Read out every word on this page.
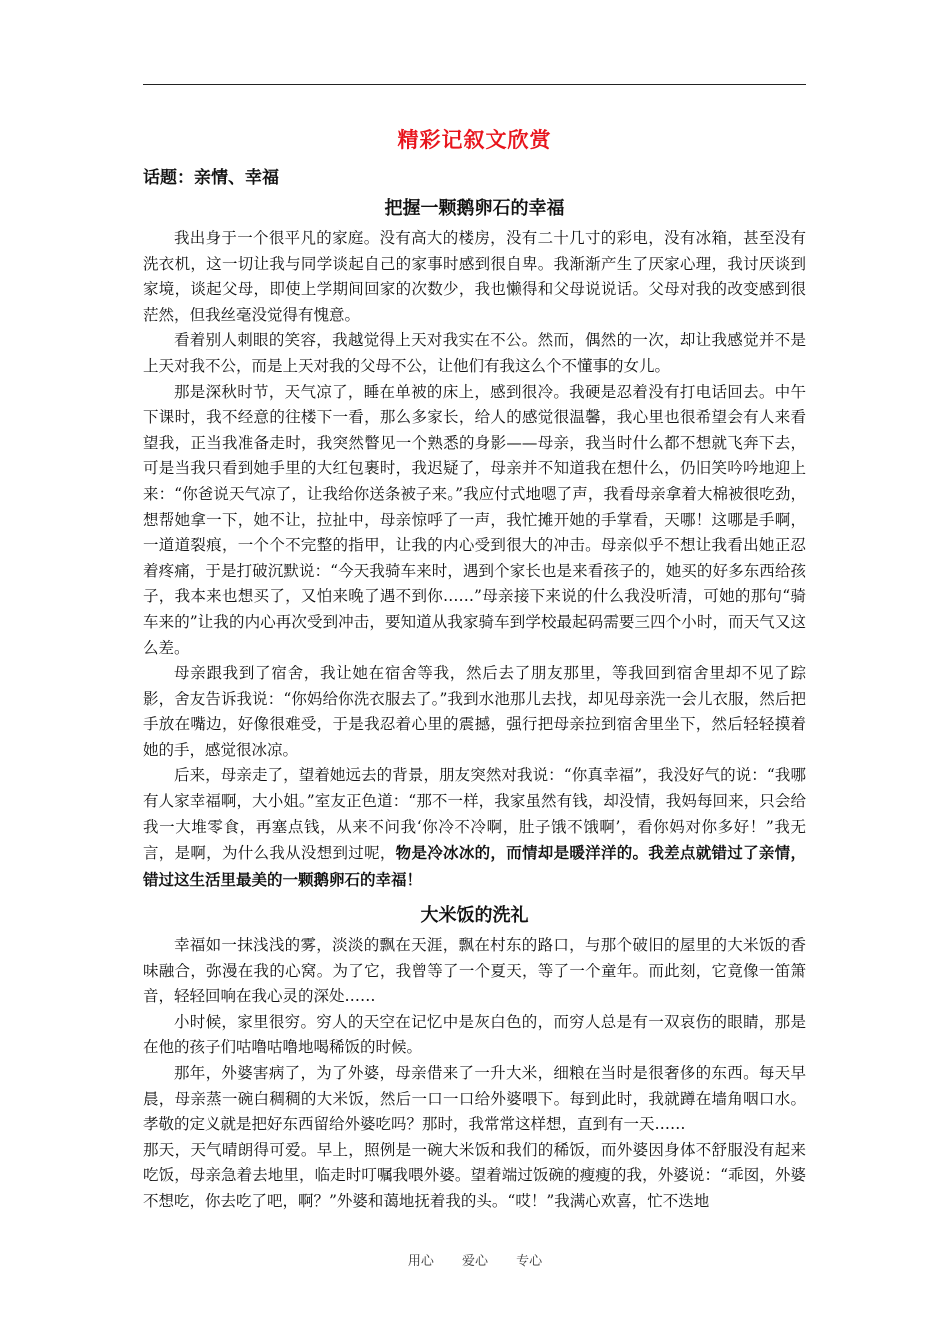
精彩记叙文欣赏
话题：亲情、幸福
把握一颗鹅卵石的幸福

我出身于一个很平凡的家庭。没有高大的楼房，没有二十几寸的彩电，没有冰箱，甚至没有洗衣机，这一切让我与同学谈起自己的家事时感到很自卑。我渐渐产生了厌家心理，我讨厌谈到家境，谈起父母，即使上学期间回家的次数少，我也懒得和父母说说话。父母对我的改变感到很茫然，但我丝毫没觉得有愧意。

看着别人刺眼的笑容，我越觉得上天对我实在不公。然而，偶然的一次，却让我感觉并不是上天对我不公，而是上天对我的父母不公，让他们有我这么个不懂事的女儿。

那是深秋时节，天气凉了，睡在单被的床上，感到很冷。我硬是忍着没有打电话回去。中午下课时，我不经意的往楼下一看，那么多家长，给人的感觉很温馨，我心里也很希望会有人来看望我，正当我准备走时，我突然瞥见一个熟悉的身影——母亲，我当时什么都不想就飞奔下去，可是当我只看到她手里的大红包裹时，我迟疑了，母亲并不知道我在想什么，仍旧笑吟吟地迎上来：“你爸说天气凉了，让我给你送条被子来。”我应付式地嗯了声，我看母亲拿着大棉被很吃劲，想帮她拿一下，她不让，拉扯中，母亲惊呼了一声，我忙摊开她的手掌看，天哪！这哪是手啊，一道道裂痕，一个个不完整的指甲，让我的内心受到很大的冲击。母亲似乎不想让我看出她正忍着疼痛，于是打破沉默说：“今天我骑车来时，遇到个家长也是来看孩子的，她买的好多东西给孩子，我本来也想买了，又怕来晚了遇不到你……”母亲接下来说的什么我没听清，可她的那句“骑车来的”让我的内心再次受到冲击，要知道从我家骑车到学校最起码需要三四个小时，而天气又这么差。

母亲跟我到了宿舍，我让她在宿舍等我，然后去了朋友那里，等我回到宿舍里却不见了踪影，舍友告诉我说：“你妈给你洗衣服去了。”我到水池那儿去找，却见母亲洗一会儿衣服，然后把手放在嘴边，好像很难受，于是我忍着心里的震撼，强行把母亲拉到宿舍里坐下，然后轻轻摸着她的手，感觉很冰凉。

后来，母亲走了，望着她远去的背景，朋友突然对我说：“你真幸福”，我没好气的说：“我哪有人家幸福啊，大小姐。”室友正色道：“那不一样，我家虽然有钱，却没情，我妈每回来，只会给我一大堆零食，再塞点钱，从来不问我‘你冷不冷啊，肚子饿不饿啊’，看你妈对你多好！”我无言，是啊，为什么我从没想到过呢，物是冷冰冰的，而情却是暖洋洋的。我差点就错过了亲情，错过这生活里最美的一颗鹅卵石的幸福！

大米饭的洗礼

幸福如一抹浅浅的雾，淡淡的飘在天涯，飘在村东的路口，与那个破旧的屋里的大米饭的香味融合，弥漫在我的心窝。为了它，我曾等了一个夏天，等了一个童年。而此刻，它竟像一笛箫音，轻轻回响在我心灵的深处……

小时候，家里很穷。穷人的天空在记忆中是灰白色的，而穷人总是有一双哀伤的眼睛，那是在他的孩子们咕噜咕噜地喝稀饭的时候。

那年，外婆害病了，为了外婆，母亲借来了一升大米，细粮在当时是很奢侈的东西。每天早晨，母亲蒸一碗白稠稠的大米饭，然后一口一口给外婆喂下。每到此时，我就蹲在墙角咽口水。孝敬的定义就是把好东西留给外婆吃吗？那时，我常常这样想，直到有一天……

那天，天气晴朗得可爱。早上，照例是一碗大米饭和我们的稀饭，而外婆因身体不舒服没有起来吃饭，母亲急着去地里，临走时叮嘱我喂外婆。望着端过饭碗的瘦瘦的我，外婆说：“乖囡，外婆不想吃，你去吃了吧，啊？”外婆和蔼地抚着我的头。“哎！”我满心欢喜，忙不迭地

用心 爱心 专心
